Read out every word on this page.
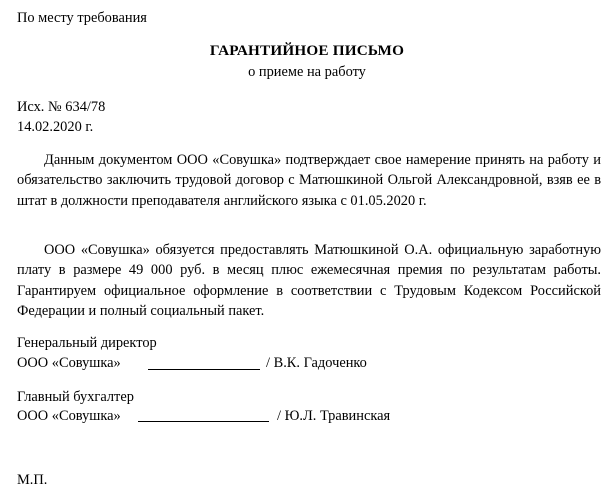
По месту требования
ГАРАНТИЙНОЕ ПИСЬМО
о приеме на работу
Исх. № 634/78
14.02.2020 г.
Данным документом ООО «Совушка» подтверждает свое намерение принять на работу и обязательство заключить трудовой договор с Матюшкиной Ольгой Александровной, взяв ее в штат в должности преподавателя английского языка с 01.05.2020 г.
ООО «Совушка» обязуется предоставлять Матюшкиной О.А. официальную заработную плату в размере 49 000 руб. в месяц плюс ежемесячная премия по результатам работы. Гарантируем официальное оформление в соответствии с Трудовым Кодексом Российской Федерации и полный социальный пакет.
Генеральный директор
ООО «Совушка»	/ В.К. Гадоченко
Главный бухгалтер
ООО «Совушка»	/ Ю.Л. Травинская
М.П.
